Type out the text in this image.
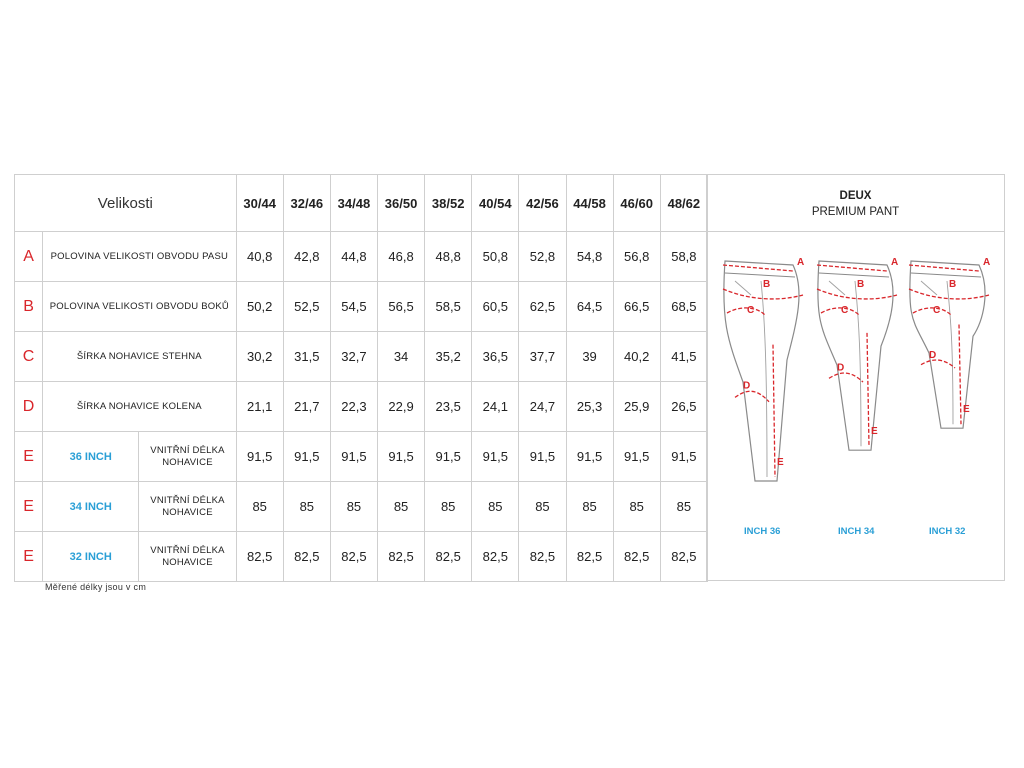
Velikosti			30/44	32/46	34/48	36/50	38/52	40/54	42/56	44/58	46/60	48/62
A	POLOVINA VELIKOSTI OBVODU PASU		40,8	42,8	44,8	46,8	48,8	50,8	52,8	54,8	56,8	58,8
B	POLOVINA VELIKOSTI OBVODU BOKŮ		50,2	52,5	54,5	56,5	58,5	60,5	62,5	64,5	66,5	68,5
C	ŠÍRKA NOHAVICE STEHNA		30,2	31,5	32,7	34	35,2	36,5	37,7	39	40,2	41,5
D	ŠÍRKA NOHAVICE KOLENA		21,1	21,7	22,3	22,9	23,5	24,1	24,7	25,3	25,9	26,5
E	36 INCH	VNITŘNÍ DÉLKA NOHAVICE	91,5	91,5	91,5	91,5	91,5	91,5	91,5	91,5	91,5	91,5
E	34 INCH	VNITŘNÍ DÉLKA NOHAVICE	85	85	85	85	85	85	85	85	85	85
E	32 INCH	VNITŘNÍ DÉLKA NOHAVICE	82,5	82,5	82,5	82,5	82,5	82,5	82,5	82,5	82,5	82,5
DEUX
PREMIUM PANT
A
B
C
D
E
A
B
C
D
E
A
B
C
D
E
INCH 36	INCH 34	INCH 32
Měřené délky jsou v cm
